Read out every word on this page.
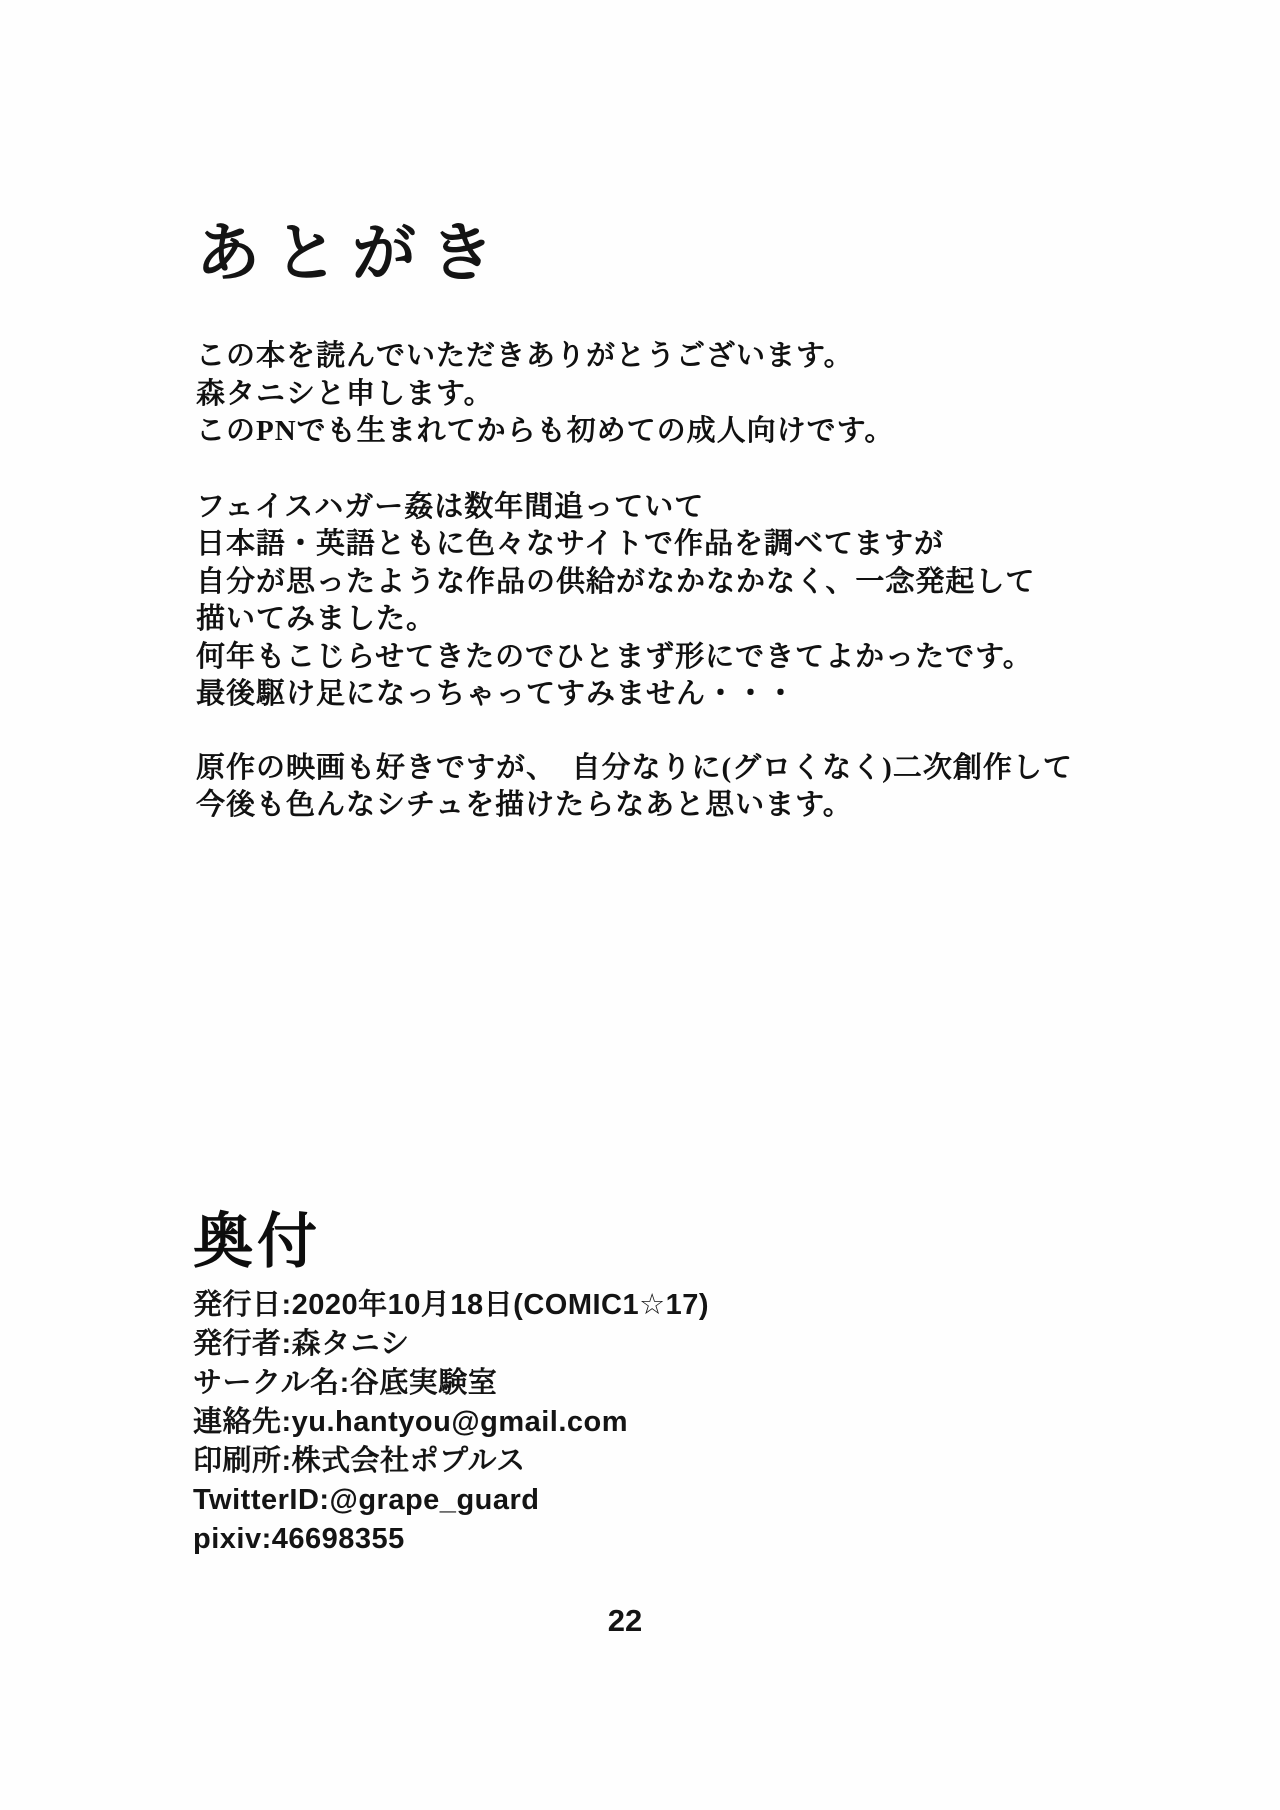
あとがき

この本を読んでいただきありがとうございます。
森タニシと申します。
このPNでも生まれてからも初めての成人向けです。

フェイスハガー姦は数年間追っていて
日本語・英語ともに色々なサイトで作品を調べてますが
自分が思ったような作品の供給がなかなかなく、一念発起して
描いてみました。
何年もこじらせてきたのでひとまず形にできてよかったです。
最後駆け足になっちゃってすみません・・・

原作の映画も好きですが、　自分なりに(グロくなく)二次創作して
今後も色んなシチュを描けたらなあと思います。

奥付
発行日:2020年10月18日(COMIC1☆17)
発行者:森タニシ
サークル名:谷底実験室
連絡先:yu.hantyou@gmail.com
印刷所:株式会社ポプルス
TwitterID:@grape_guard
pixiv:46698355
22
